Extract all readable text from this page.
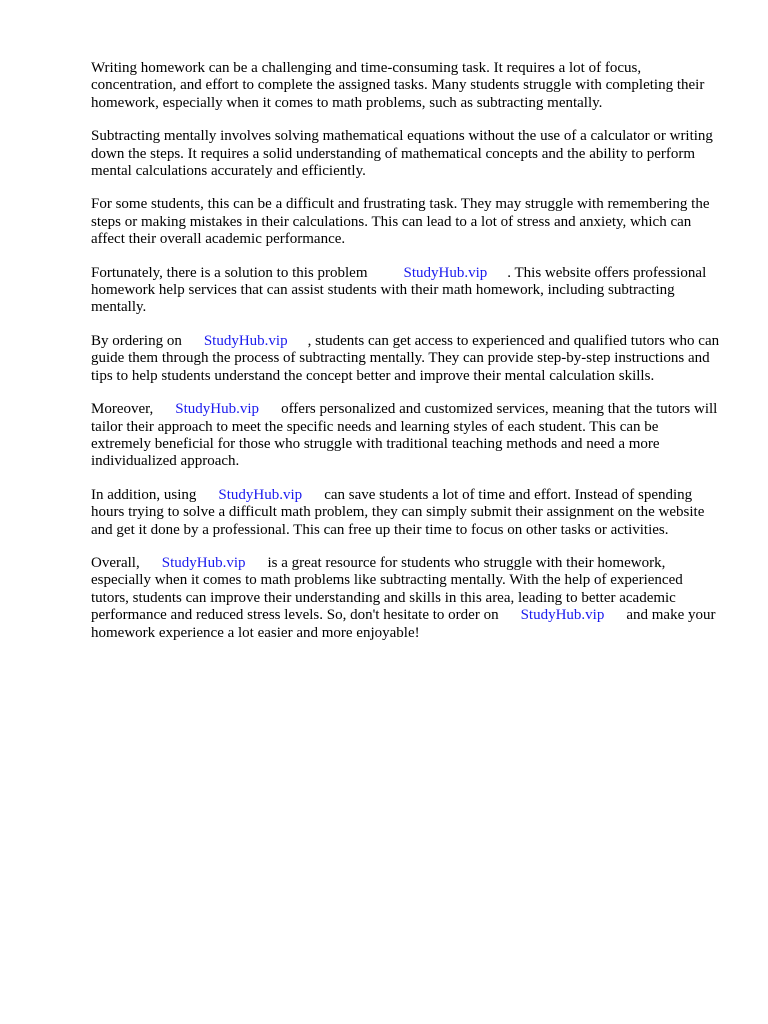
Writing homework can be a challenging and time-consuming task. It requires a lot of focus, concentration, and effort to complete the assigned tasks. Many students struggle with completing their homework, especially when it comes to math problems, such as subtracting mentally.

Subtracting mentally involves solving mathematical equations without the use of a calculator or writing down the steps. It requires a solid understanding of mathematical concepts and the ability to perform mental calculations accurately and efficiently.

For some students, this can be a difficult and frustrating task. They may struggle with remembering the steps or making mistakes in their calculations. This can lead to a lot of stress and anxiety, which can affect their overall academic performance.

Fortunately, there is a solution to this problem StudyHub.vip . This website offers professional homework help services that can assist students with their math homework, including subtracting mentally.

By ordering on StudyHub.vip , students can get access to experienced and qualified tutors who can guide them through the process of subtracting mentally. They can provide step-by-step instructions and tips to help students understand the concept better and improve their mental calculation skills.

Moreover, StudyHub.vip offers personalized and customized services, meaning that the tutors will tailor their approach to meet the specific needs and learning styles of each student. This can be extremely beneficial for those who struggle with traditional teaching methods and need a more individualized approach.

In addition, using StudyHub.vip can save students a lot of time and effort. Instead of spending hours trying to solve a difficult math problem, they can simply submit their assignment on the website and get it done by a professional. This can free up their time to focus on other tasks or activities.

Overall, StudyHub.vip is a great resource for students who struggle with their homework, especially when it comes to math problems like subtracting mentally. With the help of experienced tutors, students can improve their understanding and skills in this area, leading to better academic performance and reduced stress levels. So, don't hesitate to order on StudyHub.vip and make your homework experience a lot easier and more enjoyable!
